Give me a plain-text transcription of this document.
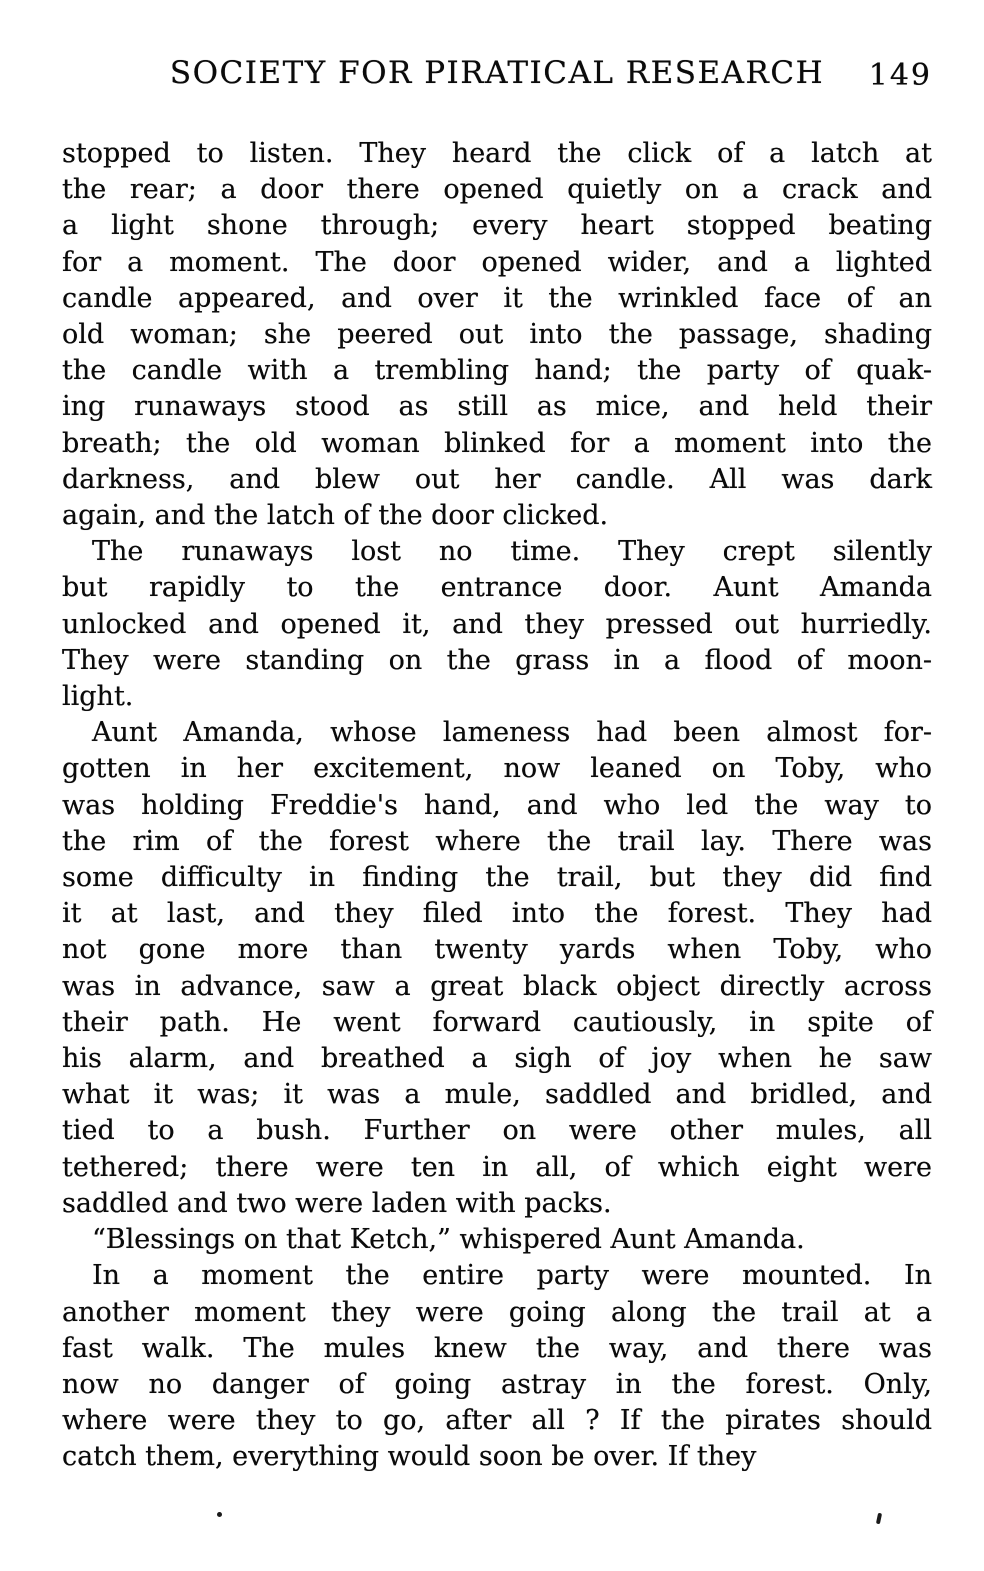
SOCIETY FOR PIRATICAL RESEARCH	149
stopped to listen. They heard the click of a latch at
the rear; a door there opened quietly on a crack and
a light shone through; every heart stopped beating
for a moment. The door opened wider, and a lighted
candle appeared, and over it the wrinkled face of an
old woman; she peered out into the passage, shading
the candle with a trembling hand; the party of quak-
ing runaways stood as still as mice, and held their
breath; the old woman blinked for a moment into the
darkness, and blew out her candle. All was dark
again, and the latch of the door clicked.
The runaways lost no time. They crept silently
but rapidly to the entrance door. Aunt Amanda
unlocked and opened it, and they pressed out hurriedly.
They were standing on the grass in a flood of moon-
light.
Aunt Amanda, whose lameness had been almost for-
gotten in her excitement, now leaned on Toby, who
was holding Freddie's hand, and who led the way to
the rim of the forest where the trail lay. There was
some difficulty in finding the trail, but they did find
it at last, and they filed into the forest. They had
not gone more than twenty yards when Toby, who
was in advance, saw a great black object directly across
their path. He went forward cautiously, in spite of
his alarm, and breathed a sigh of joy when he saw
what it was; it was a mule, saddled and bridled, and
tied to a bush. Further on were other mules, all
tethered; there were ten in all, of which eight were
saddled and two were laden with packs.
“Blessings on that Ketch,” whispered Aunt Amanda.
In a moment the entire party were mounted. In
another moment they were going along the trail at a
fast walk. The mules knew the way, and there was
now no danger of going astray in the forest. Only,
where were they to go, after all ? If the pirates should
catch them, everything would soon be over. If they
